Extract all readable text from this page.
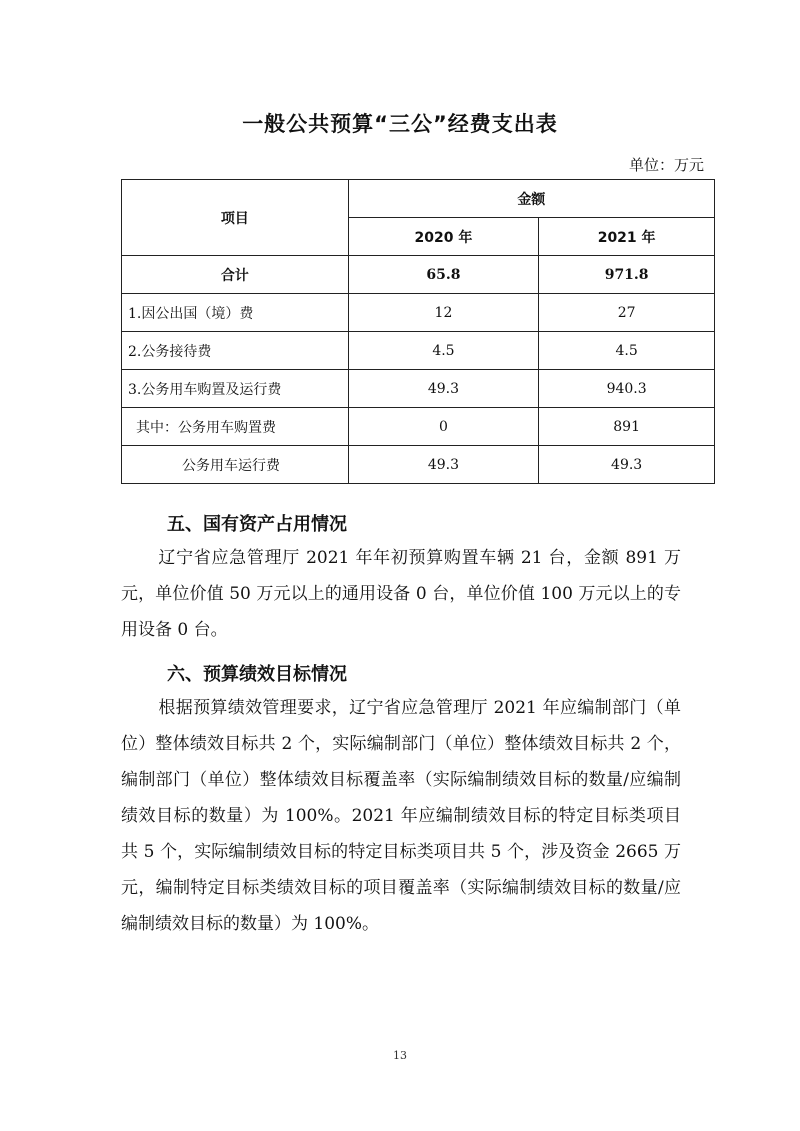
一般公共预算“三公”经费支出表
单位：万元
项目	金额	
	2020 年	2021 年
合计	65.8	971.8
1.因公出国（境）费	12	27
2.公务接待费	4.5	4.5
3.公务用车购置及运行费	49.3	940.3
其中：公务用车购置费	0	891
公务用车运行费	49.3	49.3
五、国有资产占用情况
辽宁省应急管理厅 2021 年年初预算购置车辆 21 台，金额 891 万元，单位价值 50 万元以上的通用设备 0 台，单位价值 100 万元以上的专用设备 0 台。
六、预算绩效目标情况
根据预算绩效管理要求，辽宁省应急管理厅 2021 年应编制部门（单位）整体绩效目标共 2 个，实际编制部门（单位）整体绩效目标共 2 个，编制部门（单位）整体绩效目标覆盖率（实际编制绩效目标的数量/应编制绩效目标的数量）为 100%。2021 年应编制绩效目标的特定目标类项目共 5 个，实际编制绩效目标的特定目标类项目共 5 个，涉及资金 2665 万元，编制特定目标类绩效目标的项目覆盖率（实际编制绩效目标的数量/应编制绩效目标的数量）为 100%。
13
